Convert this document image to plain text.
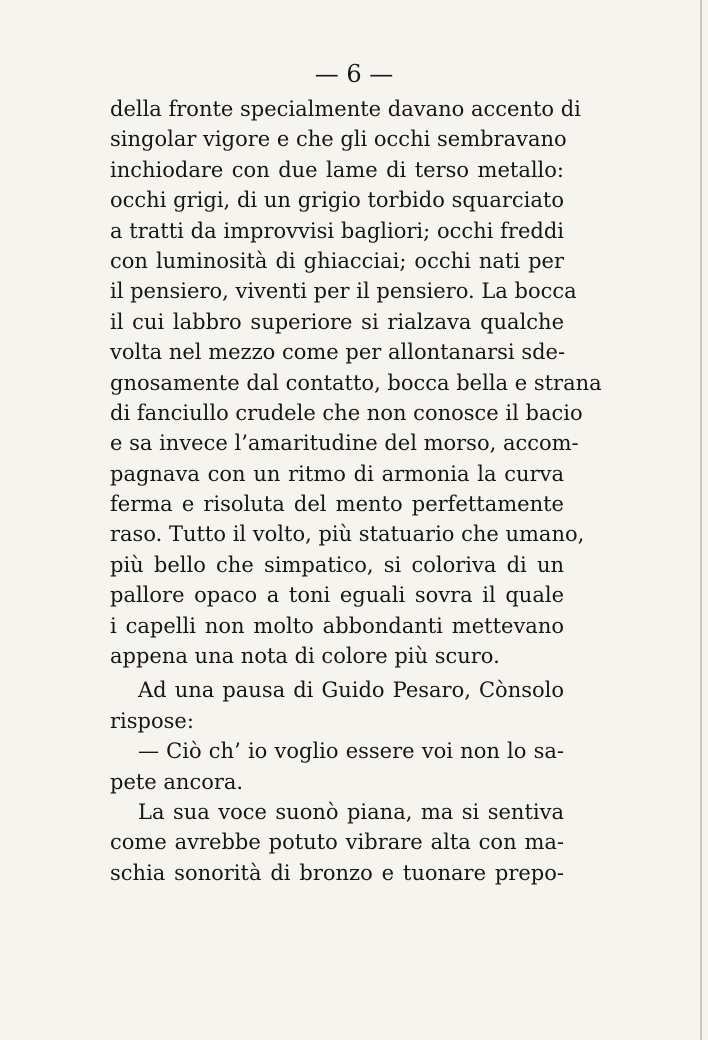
— 6 —
della fronte specialmente davano accento di
singolar vigore e che gli occhi sembravano
inchiodare con due lame di terso metallo:
occhi grigi, di un grigio torbido squarciato
a tratti da improvvisi bagliori; occhi freddi
con luminosità di ghiacciai; occhi nati per
il pensiero, viventi per il pensiero. La bocca
il cui labbro superiore si rialzava qualche
volta nel mezzo come per allontanarsi sde-
gnosamente dal contatto, bocca bella e strana
di fanciullo crudele che non conosce il bacio
e sa invece l’amaritudine del morso, accom-
pagnava con un ritmo di armonia la curva
ferma e risoluta del mento perfettamente
raso. Tutto il volto, più statuario che umano,
più bello che simpatico, si coloriva di un
pallore opaco a toni eguali sovra il quale
i capelli non molto abbondanti mettevano
appena una nota di colore più scuro.
Ad una pausa di Guido Pesaro, Cònsolo
rispose:
— Ciò ch’ io voglio essere voi non lo sa-
pete ancora.
La sua voce suonò piana, ma si sentiva
come avrebbe potuto vibrare alta con ma-
schia sonorità di bronzo e tuonare prepo-
